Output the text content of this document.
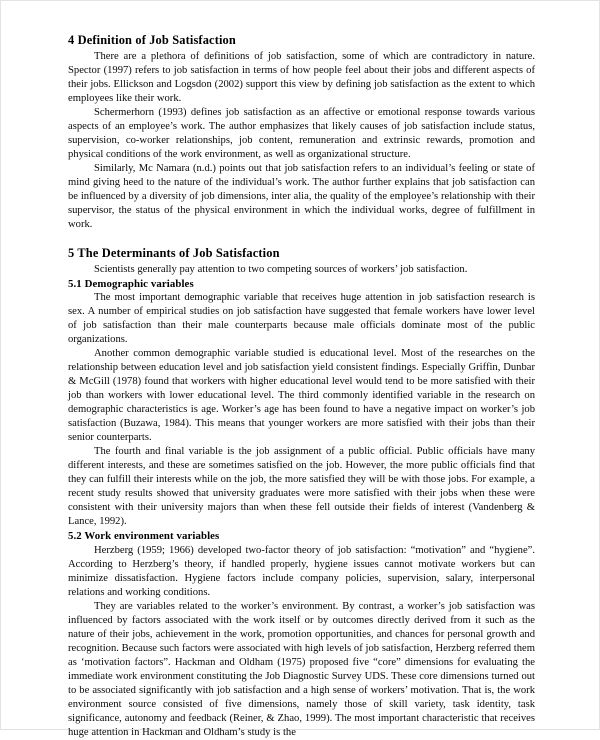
4 Definition of Job Satisfaction

There are a plethora of definitions of job satisfaction, some of which are contradictory in nature. Spector (1997) refers to job satisfaction in terms of how people feel about their jobs and different aspects of their jobs. Ellickson and Logsdon (2002) support this view by defining job satisfaction as the extent to which employees like their work.

Schermerhorn (1993) defines job satisfaction as an affective or emotional response towards various aspects of an employee’s work. The author emphasizes that likely causes of job satisfaction include status, supervision, co-worker relationships, job content, remuneration and extrinsic rewards, promotion and physical conditions of the work environment, as well as organizational structure.

Similarly, Mc Namara (n.d.) points out that job satisfaction refers to an individual’s feeling or state of mind giving heed to the nature of the individual’s work. The author further explains that job satisfaction can be influenced by a diversity of job dimensions, inter alia, the quality of the employee’s relationship with their supervisor, the status of the physical environment in which the individual works, degree of fulfillment in work.

5 The Determinants of Job Satisfaction

Scientists generally pay attention to two competing sources of workers’ job satisfaction.

5.1 Demographic variables

The most important demographic variable that receives huge attention in job satisfaction research is sex. A number of empirical studies on job satisfaction have suggested that female workers have lower level of job satisfaction than their male counterparts because male officials dominate most of the public organizations.

Another common demographic variable studied is educational level. Most of the researches on the relationship between education level and job satisfaction yield consistent findings. Especially Griffin, Dunbar & McGill (1978) found that workers with higher educational level would tend to be more satisfied with their job than workers with lower educational level. The third commonly identified variable in the research on demographic characteristics is age. Worker’s age has been found to have a negative impact on worker’s job satisfaction (Buzawa, 1984). This means that younger workers are more satisfied with their jobs than their senior counterparts.

The fourth and final variable is the job assignment of a public official. Public officials have many different interests, and these are sometimes satisfied on the job. However, the more public officials find that they can fulfill their interests while on the job, the more satisfied they will be with those jobs. For example, a recent study results showed that university graduates were more satisfied with their jobs when these were consistent with their university majors than when these fell outside their fields of interest (Vandenberg & Lance, 1992).

5.2 Work environment variables

Herzberg (1959; 1966) developed two-factor theory of job satisfaction: “motivation” and “hygiene”. According to Herzberg’s theory, if handled properly, hygiene issues cannot motivate workers but can minimize dissatisfaction. Hygiene factors include company policies, supervision, salary, interpersonal relations and working conditions.

They are variables related to the worker’s environment. By contrast, a worker’s job satisfaction was influenced by factors associated with the work itself or by outcomes directly derived from it such as the nature of their jobs, achievement in the work, promotion opportunities, and chances for personal growth and recognition. Because such factors were associated with high levels of job satisfaction, Herzberg referred them as ‘motivation factors”. Hackman and Oldham (1975) proposed five “core” dimensions for evaluating the immediate work environment constituting the Job Diagnostic Survey UDS. These core dimensions turned out to be associated significantly with job satisfaction and a high sense of workers’ motivation. That is, the work environment source consisted of five dimensions, namely those of skill variety, task identity, task significance, autonomy and feedback (Reiner, & Zhao, 1999). The most important characteristic that receives huge attention in Hackman and Oldham’s study is the
